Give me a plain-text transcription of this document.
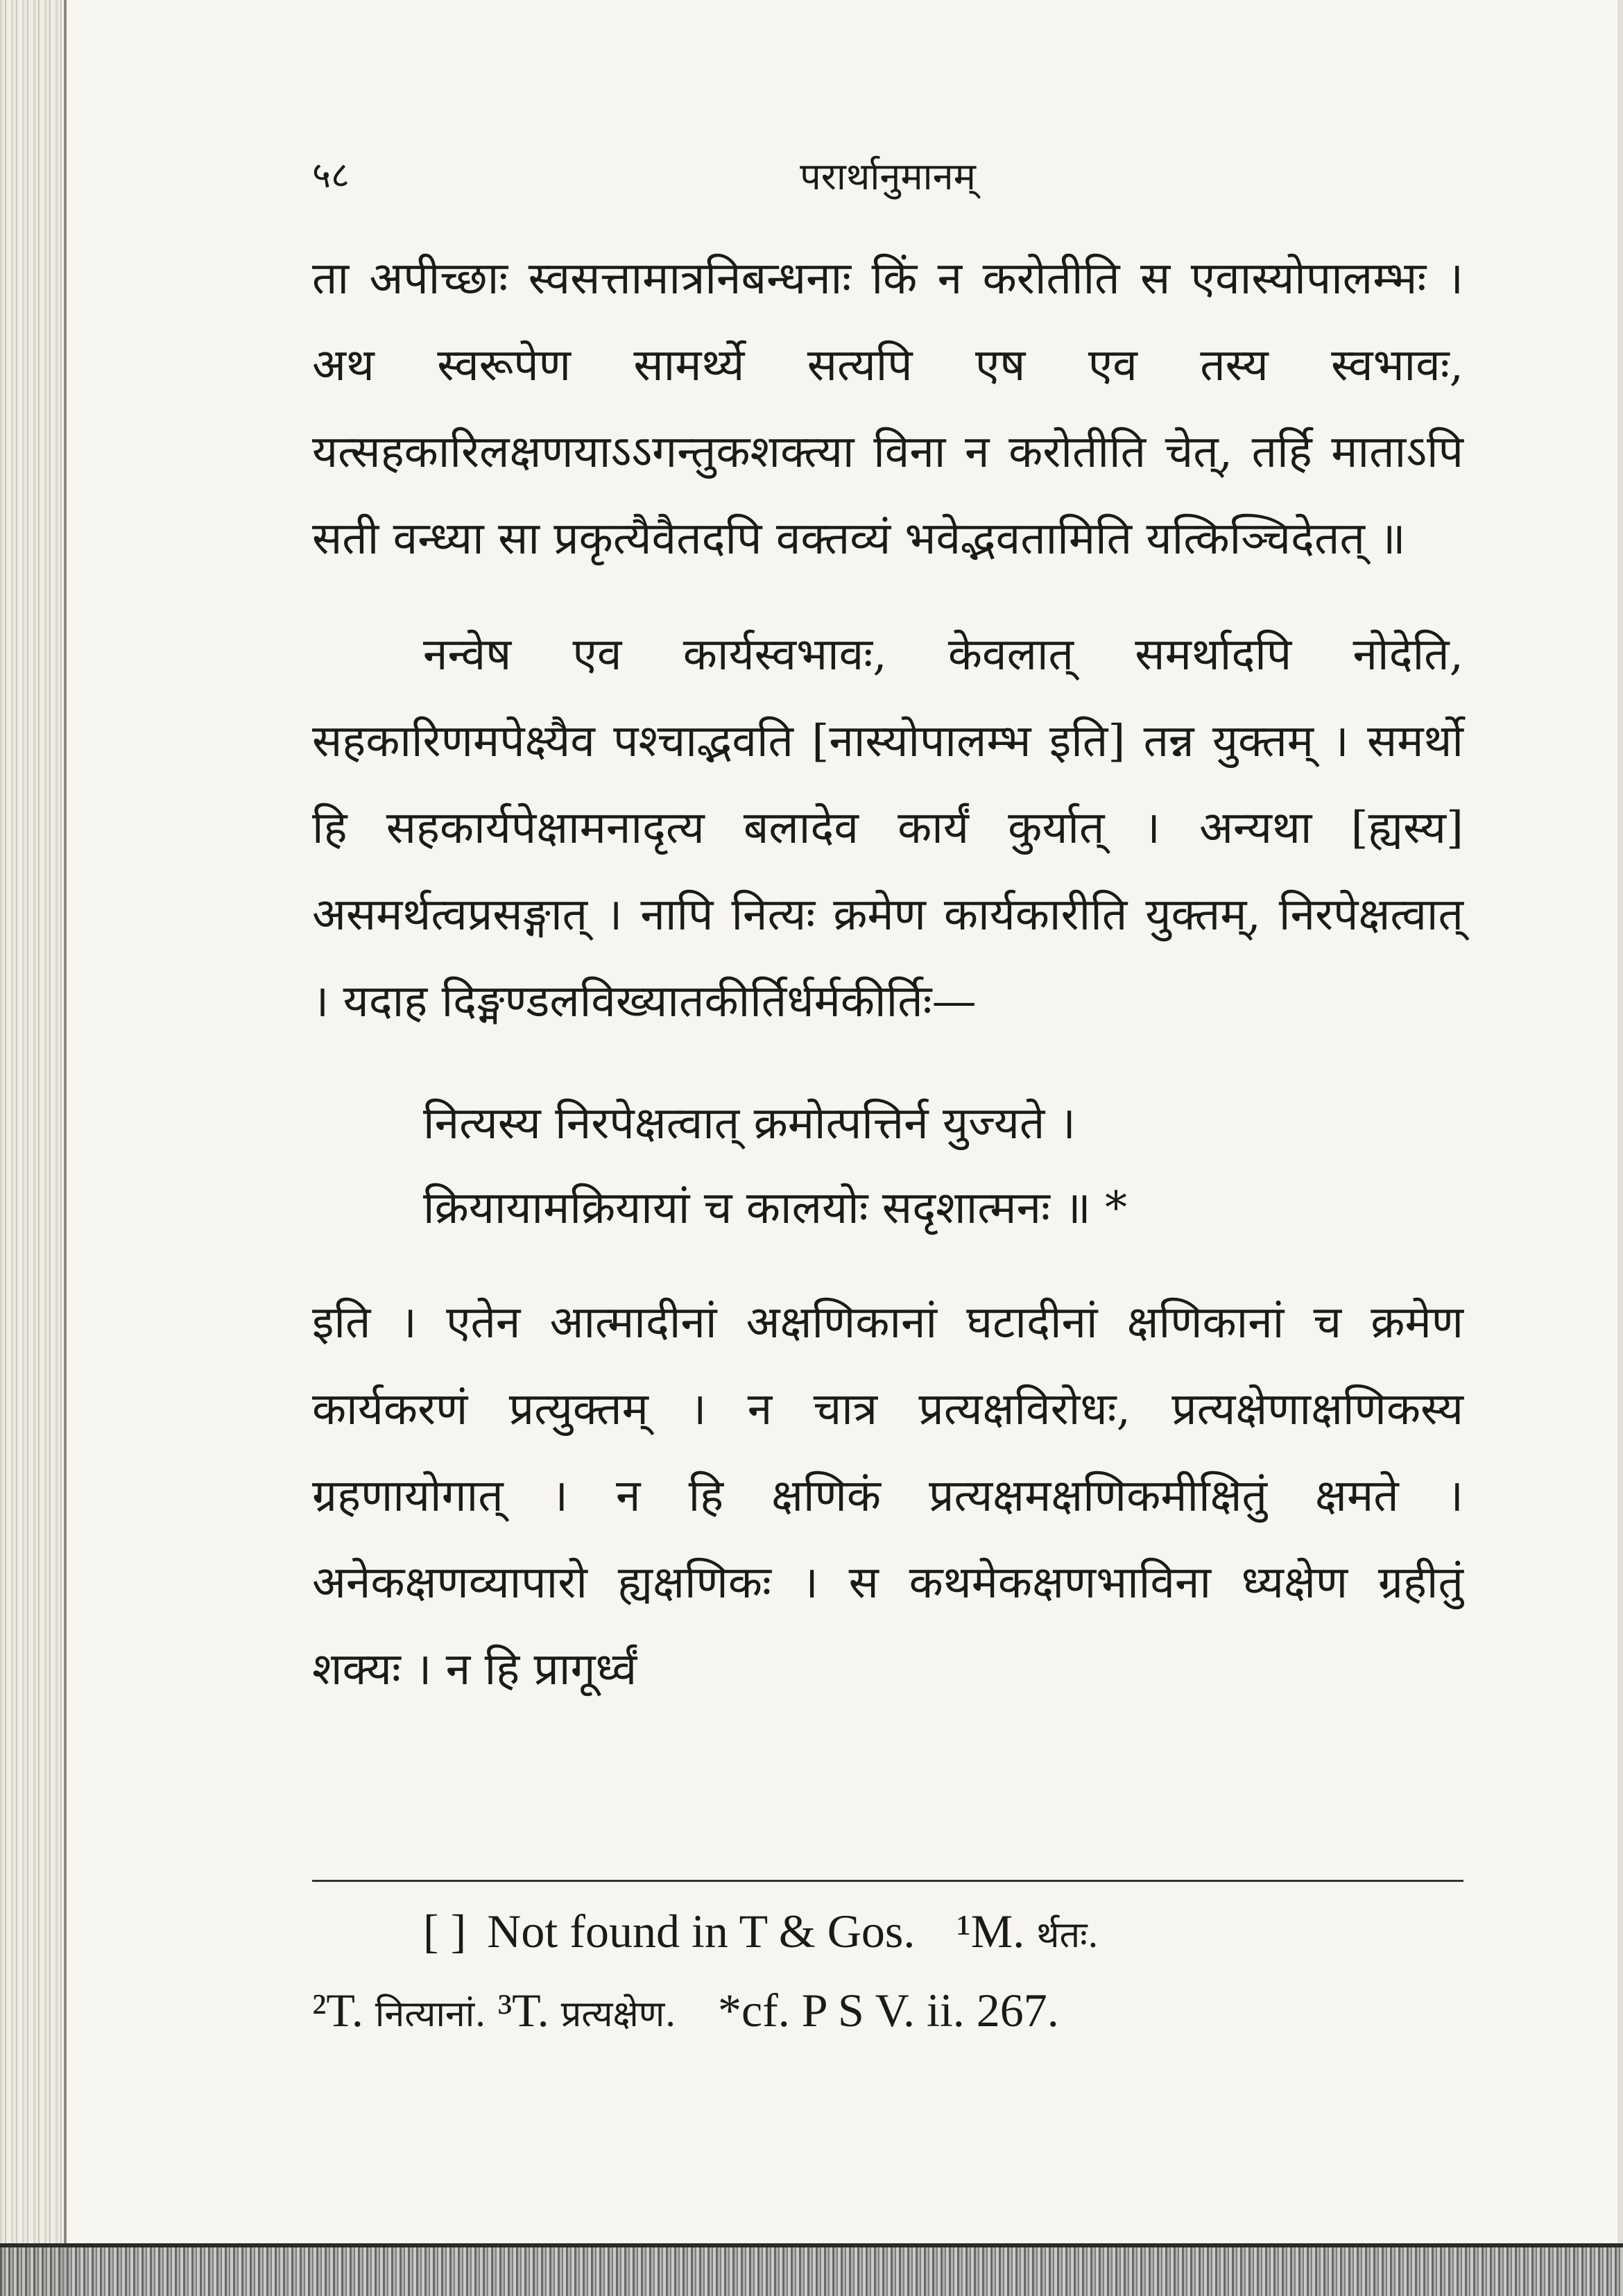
५८	परार्थानुमानम्

ता अपीच्छाः स्वसत्तामात्रनिबन्धनाः किं न करोतीति स एवास्योपालम्भः । अथ स्वरूपेण सामर्थ्ये सत्यपि एष एव तस्य स्वभावः, यत्सहकारिलक्षणयाऽऽगन्तुकशक्त्या विना न करोतीति चेत्, तर्हि माताऽपि सती वन्ध्या सा प्रकृत्यैवैतदपि वक्तव्यं भवेद्भवतामिति यत्किञ्चिदेतत् ॥

नन्वेष एव कार्यस्वभावः, केवलात् समर्थादपि नोदेति, सहकारिणमपेक्ष्यैव पश्चाद्भवति [नास्योपालम्भ इति] तन्न युक्तम् । समर्थो हि सहकार्यपेक्षामनादृत्य बलादेव कार्यं कुर्यात् । अन्यथा [ह्यस्य] असमर्थत्वप्रसङ्गात् । नापि नित्यः क्रमेण कार्यकारीति युक्तम्, निरपेक्षत्वात् । यदाह दिङ्मण्डलविख्यातकीर्तिर्धर्मकीर्तिः—

नित्यस्य निरपेक्षत्वात् क्रमोत्पत्तिर्न युज्यते ।
क्रियायामक्रियायां च कालयोः सदृशात्मनः ॥ *

इति । एतेन आत्मादीनां अक्षणिकानां घटादीनां क्षणिकानां च क्रमेण कार्यकरणं प्रत्युक्तम् । न चात्र प्रत्यक्षविरोधः, प्रत्यक्षेणाक्षणिकस्य ग्रहणायोगात् । न हि क्षणिकं प्रत्यक्षमक्षणिकमीक्षितुं क्षमते । अनेकक्षणव्यापारो ह्यक्षणिकः । स कथमेकक्षणभाविना ध्यक्षेण ग्रहीतुं शक्यः । न हि प्रागूर्ध्वं

[ ] Not found in T & Gos. ¹M. र्थतः.
²T. नित्यानां. ³T. प्रत्यक्षेण. *cf. P S V. ii. 267.
